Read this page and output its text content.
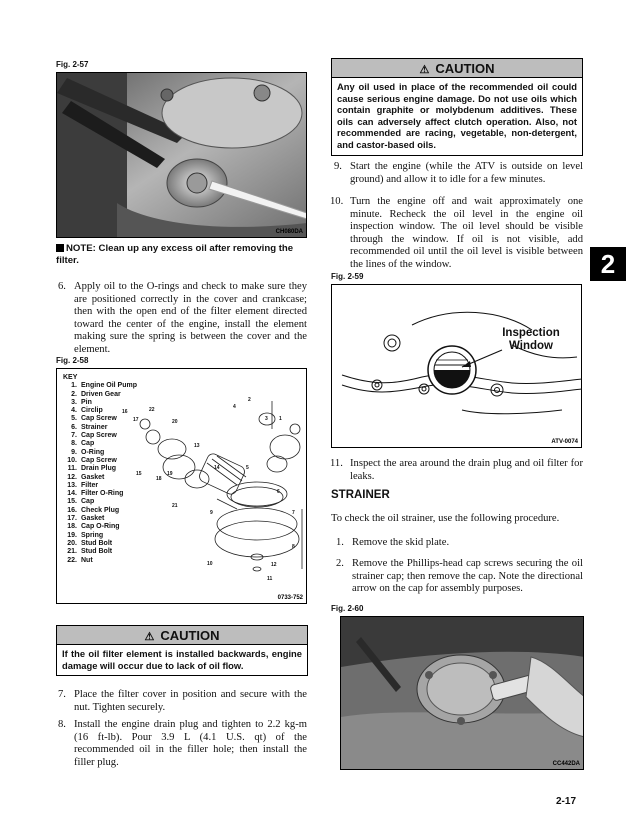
Fig. 2-57
CH080DA
NOTE: Clean up any excess oil after removing the filter.
6. Apply oil to the O-rings and check to make sure they are positioned correctly in the cover and crankcase; then with the open end of the filter element directed toward the center of the engine, install the element making sure the spring is between the cover and the element.
Fig. 2-58
KEY
1. Engine Oil Pump
2. Driven Gear
3. Pin
4. Circlip
5. Cap Screw
6. Strainer
7. Cap Screw
8. Cap
9. O-Ring
10. Cap Screw
11. Drain Plug
12. Gasket
13. Filter
14. Filter O-Ring
15. Cap
16. Check Plug
17. Gasket
18. Cap O-Ring
19. Spring
20. Stud Bolt
21. Stud Bolt
22. Nut
16	22
17	20
15
18
19
13
14
21
4
2
3 1
5
6
9	7
8
10	12
11
0733-752
⚠ CAUTION
If the oil filter element is installed backwards, engine damage will occur due to lack of oil flow.
7. Place the filter cover in position and secure with the nut. Tighten securely.
8. Install the engine drain plug and tighten to 2.2 kg-m (16 ft-lb). Pour 3.9 L (4.1 U.S. qt) of the recommended oil in the filler hole; then install the filler plug.
⚠ CAUTION
Any oil used in place of the recommended oil could cause serious engine damage. Do not use oils which contain graphite or molybdenum additives. These oils can adversely affect clutch operation. Also, not recommended are racing, vegetable, non-detergent, and castor-based oils.
9. Start the engine (while the ATV is outside on level ground) and allow it to idle for a few minutes.
10. Turn the engine off and wait approximately one minute. Recheck the oil level in the engine oil inspection window. The oil level should be visible through the window. If oil is not visible, add recommended oil until the oil level is visible between the lines of the window.
Fig. 2-59
Inspection
Window
ATV-0074
11. Inspect the area around the drain plug and oil filter for leaks.
STRAINER
To check the oil strainer, use the following procedure.
1. Remove the skid plate.
2. Remove the Phillips-head cap screws securing the oil strainer cap; then remove the cap. Note the directional arrow on the cap for assembly purposes.
Fig. 2-60
CC442DA
2
2-17
